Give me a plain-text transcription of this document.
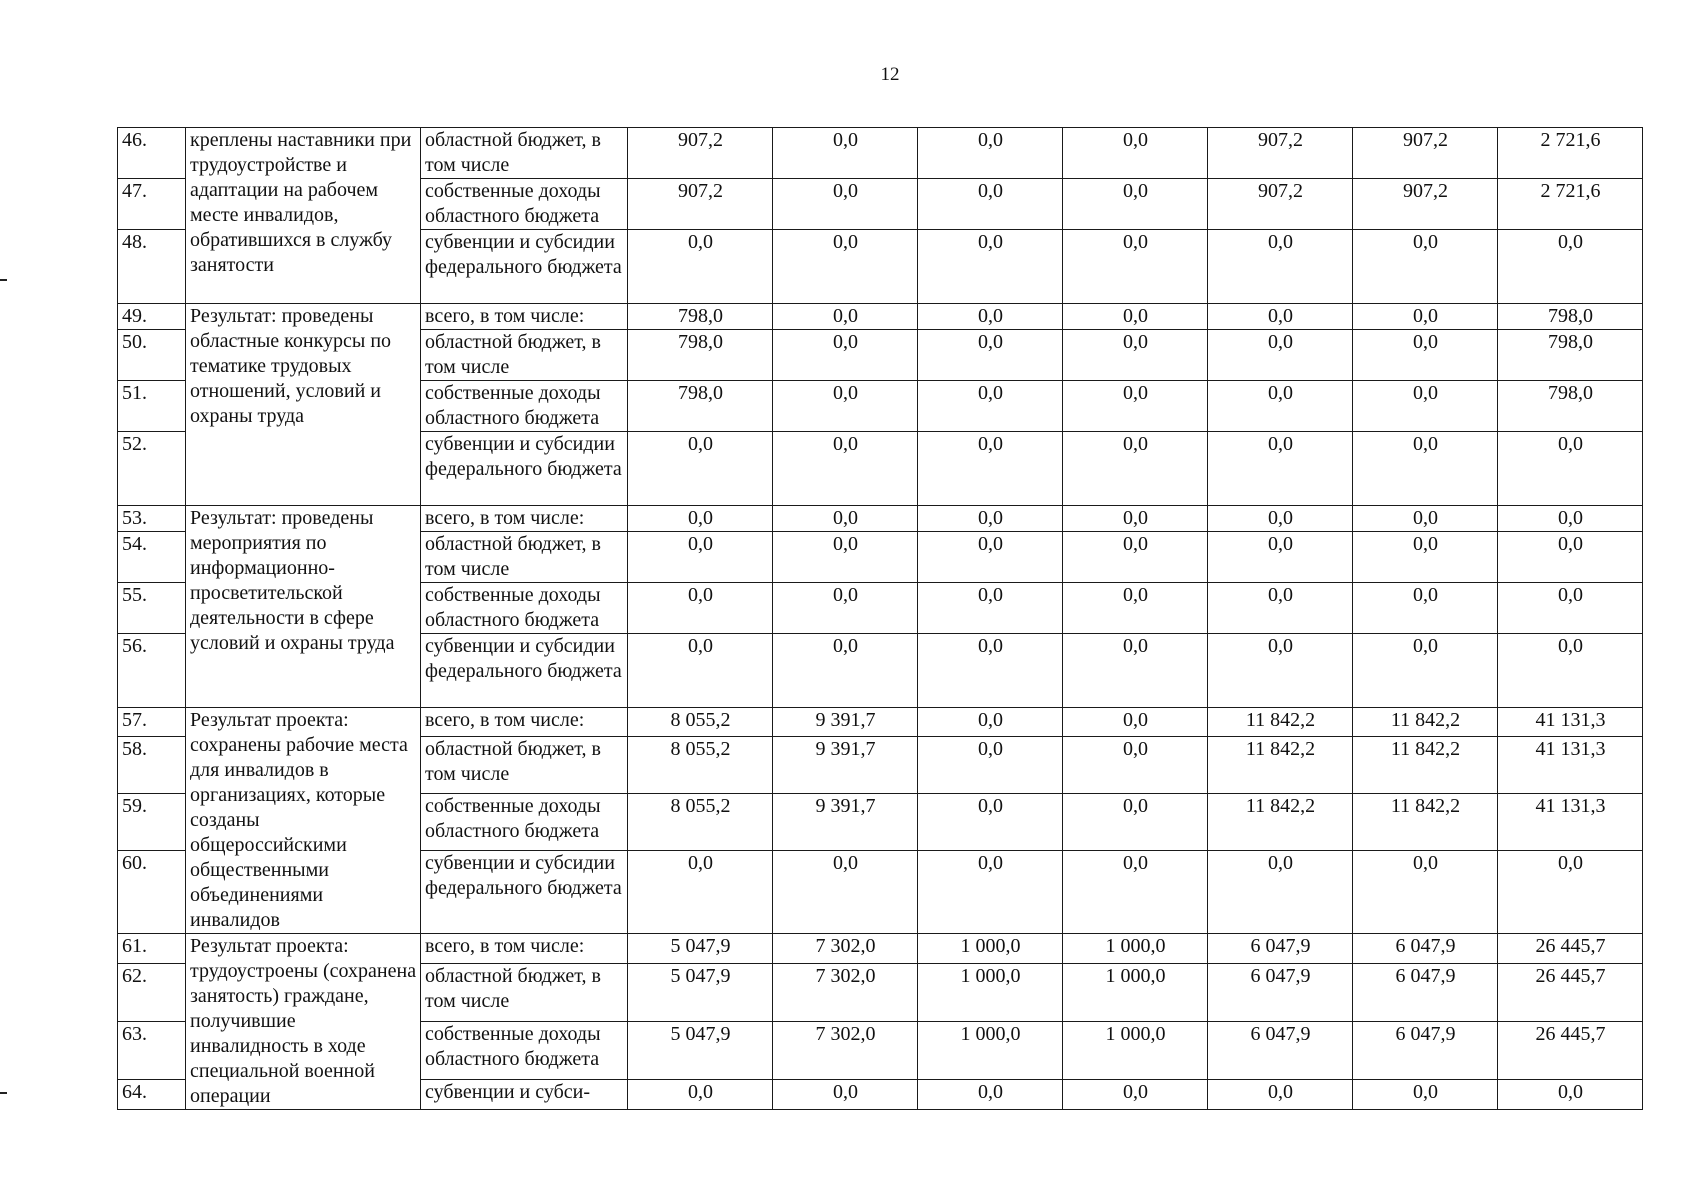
12
46.	креплены наставники при трудоустройстве и адаптации на рабочем месте инвалидов, обратившихся в службу занятости	областной бюджет, в том числе	907,2	0,0	0,0	0,0	907,2	907,2	2 721,6
47.		собственные доходы областного бюджета	907,2	0,0	0,0	0,0	907,2	907,2	2 721,6
48.		субвенции и субсидии федерального бюджета	0,0	0,0	0,0	0,0	0,0	0,0	0,0
49.	Результат: проведены областные конкурсы по тематике трудовых отношений, условий и охраны труда	всего, в том числе:	798,0	0,0	0,0	0,0	0,0	0,0	798,0
50.		областной бюджет, в том числе	798,0	0,0	0,0	0,0	0,0	0,0	798,0
51.		собственные доходы областного бюджета	798,0	0,0	0,0	0,0	0,0	0,0	798,0
52.		субвенции и субсидии федерального бюджета	0,0	0,0	0,0	0,0	0,0	0,0	0,0
53.	Результат: проведены мероприятия по информационно-просветительской деятельности в сфере условий и охраны труда	всего, в том числе:	0,0	0,0	0,0	0,0	0,0	0,0	0,0
54.		областной бюджет, в том числе	0,0	0,0	0,0	0,0	0,0	0,0	0,0
55.		собственные доходы областного бюджета	0,0	0,0	0,0	0,0	0,0	0,0	0,0
56.		субвенции и субсидии федерального бюджета	0,0	0,0	0,0	0,0	0,0	0,0	0,0
57.	Результат проекта: сохранены рабочие места для инвалидов в организациях, которые созданы общероссийскими общественными объединениями инвалидов	всего, в том числе:	8 055,2	9 391,7	0,0	0,0	11 842,2	11 842,2	41 131,3
58.		областной бюджет, в том числе	8 055,2	9 391,7	0,0	0,0	11 842,2	11 842,2	41 131,3
59.		собственные доходы областного бюджета	8 055,2	9 391,7	0,0	0,0	11 842,2	11 842,2	41 131,3
60.		субвенции и субсидии федерального бюджета	0,0	0,0	0,0	0,0	0,0	0,0	0,0
61.	Результат проекта: трудоустроены (сохранена занятость) граждане, получившие инвалидность в ходе специальной военной операции	всего, в том числе:	5 047,9	7 302,0	1 000,0	1 000,0	6 047,9	6 047,9	26 445,7
62.		областной бюджет, в том числе	5 047,9	7 302,0	1 000,0	1 000,0	6 047,9	6 047,9	26 445,7
63.		собственные доходы областного бюджета	5 047,9	7 302,0	1 000,0	1 000,0	6 047,9	6 047,9	26 445,7
64.		субвенции и субси-	0,0	0,0	0,0	0,0	0,0	0,0	0,0
